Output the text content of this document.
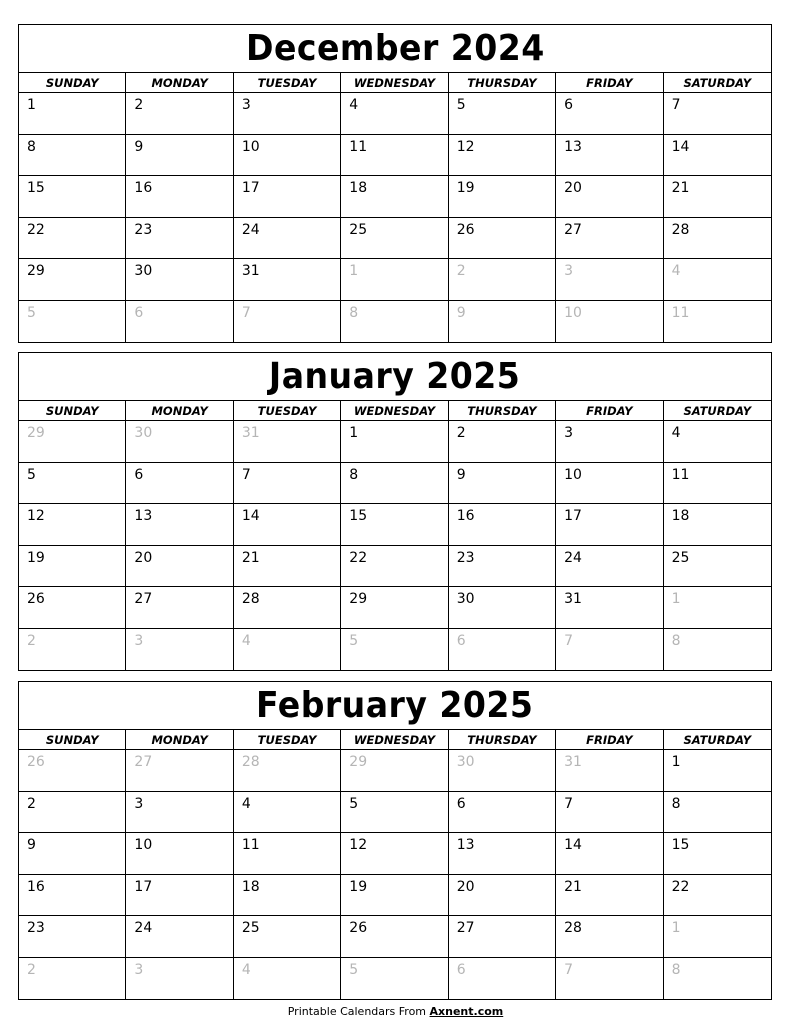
December 2024
SUNDAY	MONDAY	TUESDAY	WEDNESDAY	THURSDAY	FRIDAY	SATURDAY
1	2	3	4	5	6	7
8	9	10	11	12	13	14
15	16	17	18	19	20	21
22	23	24	25	26	27	28
29	30	31	1	2	3	4
5	6	7	8	9	10	11
January 2025
SUNDAY	MONDAY	TUESDAY	WEDNESDAY	THURSDAY	FRIDAY	SATURDAY
29	30	31	1	2	3	4
5	6	7	8	9	10	11
12	13	14	15	16	17	18
19	20	21	22	23	24	25
26	27	28	29	30	31	1
2	3	4	5	6	7	8
February 2025
SUNDAY	MONDAY	TUESDAY	WEDNESDAY	THURSDAY	FRIDAY	SATURDAY
26	27	28	29	30	31	1
2	3	4	5	6	7	8
9	10	11	12	13	14	15
16	17	18	19	20	21	22
23	24	25	26	27	28	1
2	3	4	5	6	7	8
Printable Calendars From Axnent.com
